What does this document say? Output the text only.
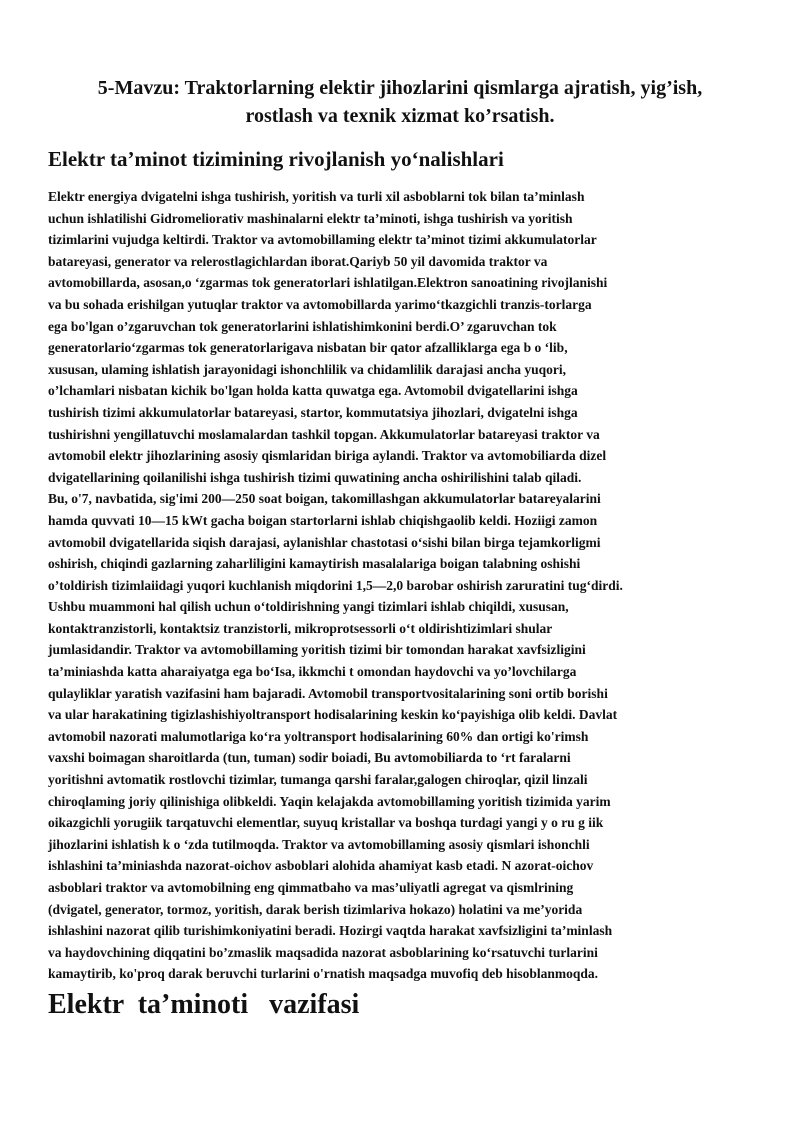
5-Mavzu: Traktorlarning elektir jihozlarini qismlarga ajratish, yig’ish,
rostlash va texnik xizmat ko’rsatish.
Elektr ta’minot tizimining rivojlanish yo‘nalishlari
Elektr energiya dvigatelni ishga tushirish, yoritish va turli xil asboblarni tok bilan ta’minlash
uchun ishlatilishi Gidromeliorativ mashinalarni elektr ta’minoti, ishga tushirish va yoritish
tizimlarini vujudga keltirdi. Traktor va avtomobillaming elektr ta’minot tizimi akkumulatorlar
batareyasi, generator va relerostlagichlardan iborat.Qariyb 50 yil davomida traktor va
avtomobillarda, asosan,o ‘zgarmas tok generatorlari ishlatilgan.Elektron sanoatining rivojlanishi
va bu sohada erishilgan yutuqlar traktor va avtomobillarda yarimo‘tkazgichli tranzis-torlarga
ega bo'lgan o’zgaruvchan tok generatorlarini ishlatishimkonini berdi.O’ zgaruvchan tok
generatorlario‘zgarmas tok generatorlarigava nisbatan bir qator afzalliklarga ega b o ‘lib,
xususan, ulaming ishlatish jarayonidagi ishonchlilik va chidamlilik darajasi ancha yuqori,
o’lchamlari nisbatan kichik bo'lgan holda katta quwatga ega. Avtomobil dvigatellarini ishga
tushirish tizimi akkumulatorlar batareyasi, startor, kommutatsiya jihozlari, dvigatelni ishga
tushirishni yengillatuvchi moslamalardan tashkil topgan. Akkumulatorlar batareyasi traktor va
avtomobil elektr jihozlarining asosiy qismlaridan biriga aylandi. Traktor va avtomobiliarda dizel
dvigatellarining qoilanilishi ishga tushirish tizimi quwatining ancha oshirilishini talab qiladi.
Bu, o'7, navbatida, sig'imi 200—250 soat boigan, takomillashgan akkumulatorlar batareyalarini
hamda quvvati 10—15 kWt gacha boigan startorlarni ishlab chiqishgaolib keldi. Hoziigi zamon
avtomobil dvigatellarida siqish darajasi, aylanishlar chastotasi o‘sishi bilan birga tejamkorligmi
oshirish, chiqindi gazlarning zaharliligini kamaytirish masalalariga boigan talabning oshishi
o’toldirish tizimlaiidagi yuqori kuchlanish miqdorini 1,5—2,0 barobar oshirish zaruratini tug‘dirdi.
Ushbu muammoni hal qilish uchun o‘toldirishning yangi tizimlari ishlab chiqildi, xususan,
kontaktranzistorli, kontaktsiz tranzistorli, mikroprotsessorli o‘t oldirishtizimlari shular
jumlasidandir. Traktor va avtomobillaming yoritish tizimi bir tomondan harakat xavfsizligini
ta’miniashda katta aharaiyatga ega bo‘Isa, ikkmchi t omondan haydovchi va yo’lovchilarga
qulayliklar yaratish vazifasini ham bajaradi. Avtomobil transportvositalarining soni ortib borishi
va ular harakatining tigizlashishiyoltransport hodisalarining keskin ko‘payishiga olib keldi. Davlat
avtomobil nazorati malumotlariga ko‘ra yoltransport hodisalarining 60% dan ortigi ko'rimsh
vaxshi boimagan sharoitlarda (tun, tuman) sodir boiadi, Bu avtomobiliarda to ‘rt faralarni
yoritishni avtomatik rostlovchi tizimlar, tumanga qarshi faralar,galogen chiroqlar, qizil linzali
chiroqlaming joriy qilinishiga olibkeldi. Yaqin kelajakda avtomobillaming yoritish tizimida yarim
oikazgichli yorugiik tarqatuvchi elementlar, suyuq kristallar va boshqa turdagi yangi y o ru g iik
jihozlarini ishlatish k o ‘zda tutilmoqda. Traktor va avtomobillaming asosiy qismlari ishonchli
ishlashini ta’miniashda nazorat-oichov asboblari alohida ahamiyat kasb etadi. N azorat-oichov
asboblari traktor va avtomobilning eng qimmatbaho va mas’uliyatli agregat va qismlrining
(dvigatel, generator, tormoz, yoritish, darak berish tizimlariva hokazo) holatini va me’yorida
ishlashini nazorat qilib turishimkoniyatini beradi. Hozirgi vaqtda harakat xavfsizligini ta’minlash
va haydovchining diqqatini bo’zmaslik maqsadida nazorat asboblarining ko‘rsatuvchi turlarini
kamaytirib, ko'proq darak beruvchi turlarini o'rnatish maqsadga muvofiq deb hisoblanmoqda.
Elektr  ta’minoti   vazifasi
